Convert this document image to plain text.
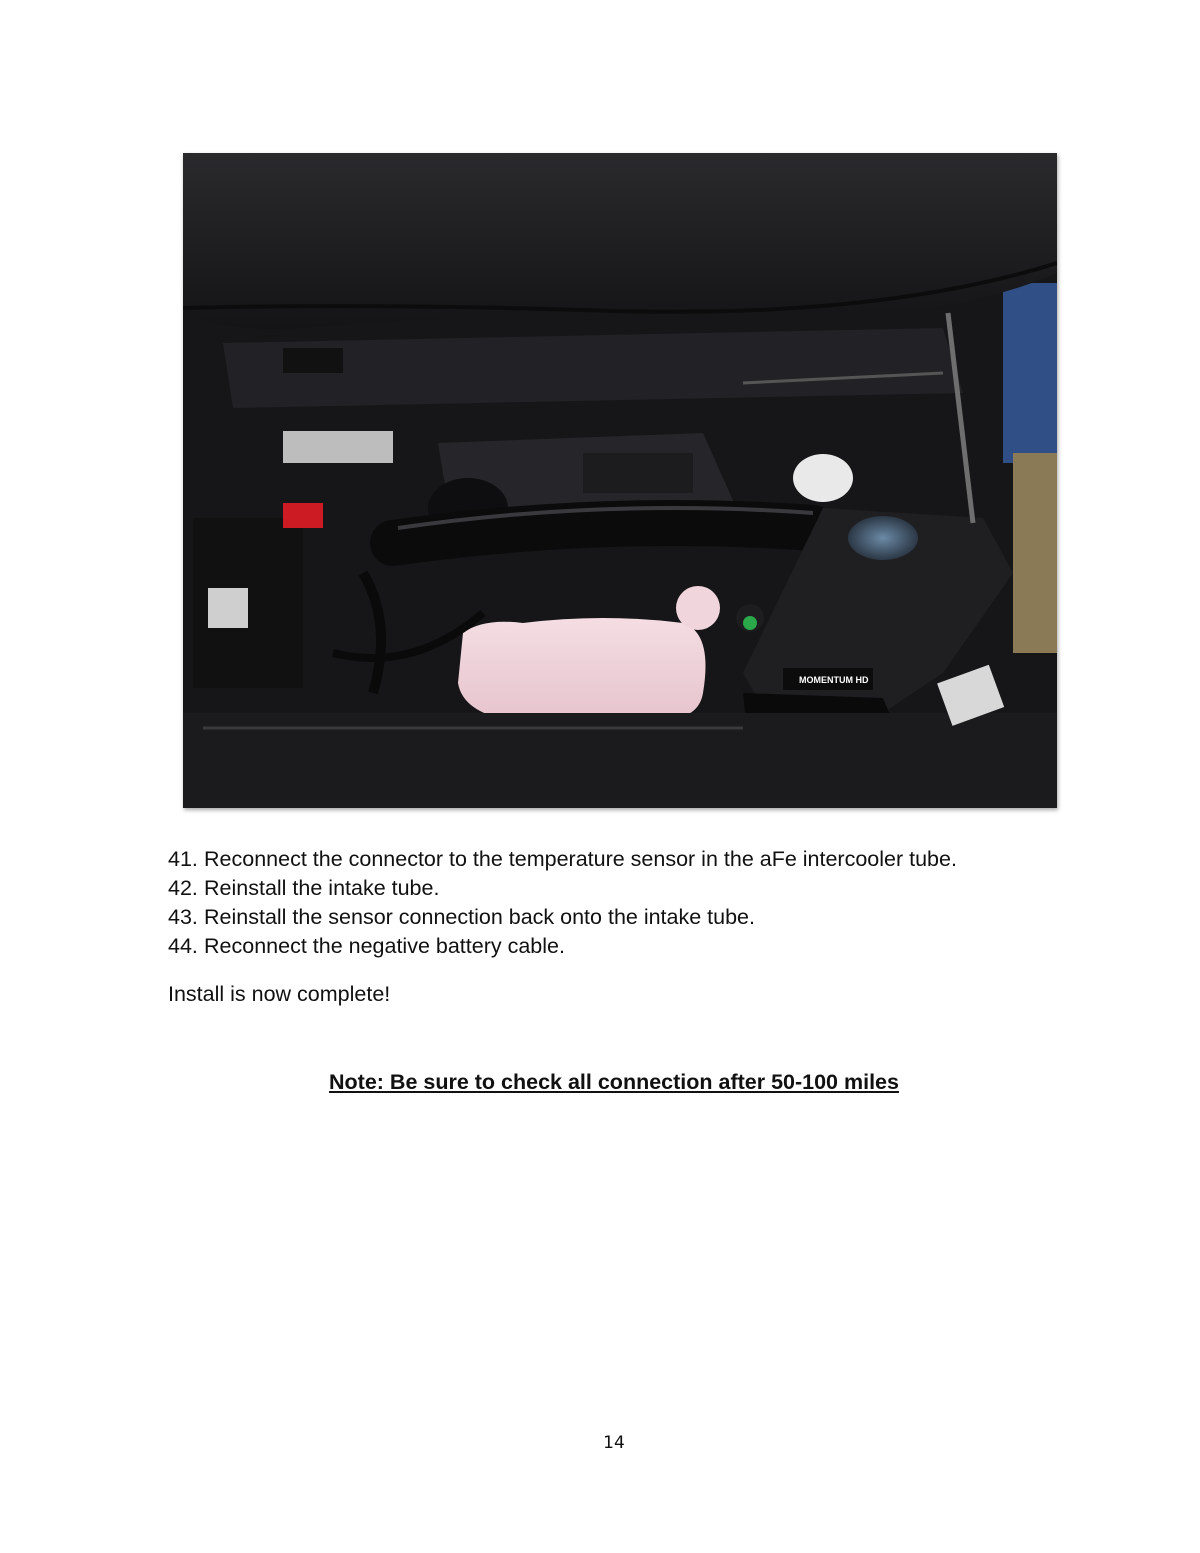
MOMENTUM HD
41. Reconnect the connector to the temperature sensor in the aFe intercooler tube.
42. Reinstall the intake tube.
43. Reinstall the sensor connection back onto the intake tube.
44. Reconnect the negative battery cable.

Install is now complete!

Note: Be sure to check all connection after 50-100 miles

14
